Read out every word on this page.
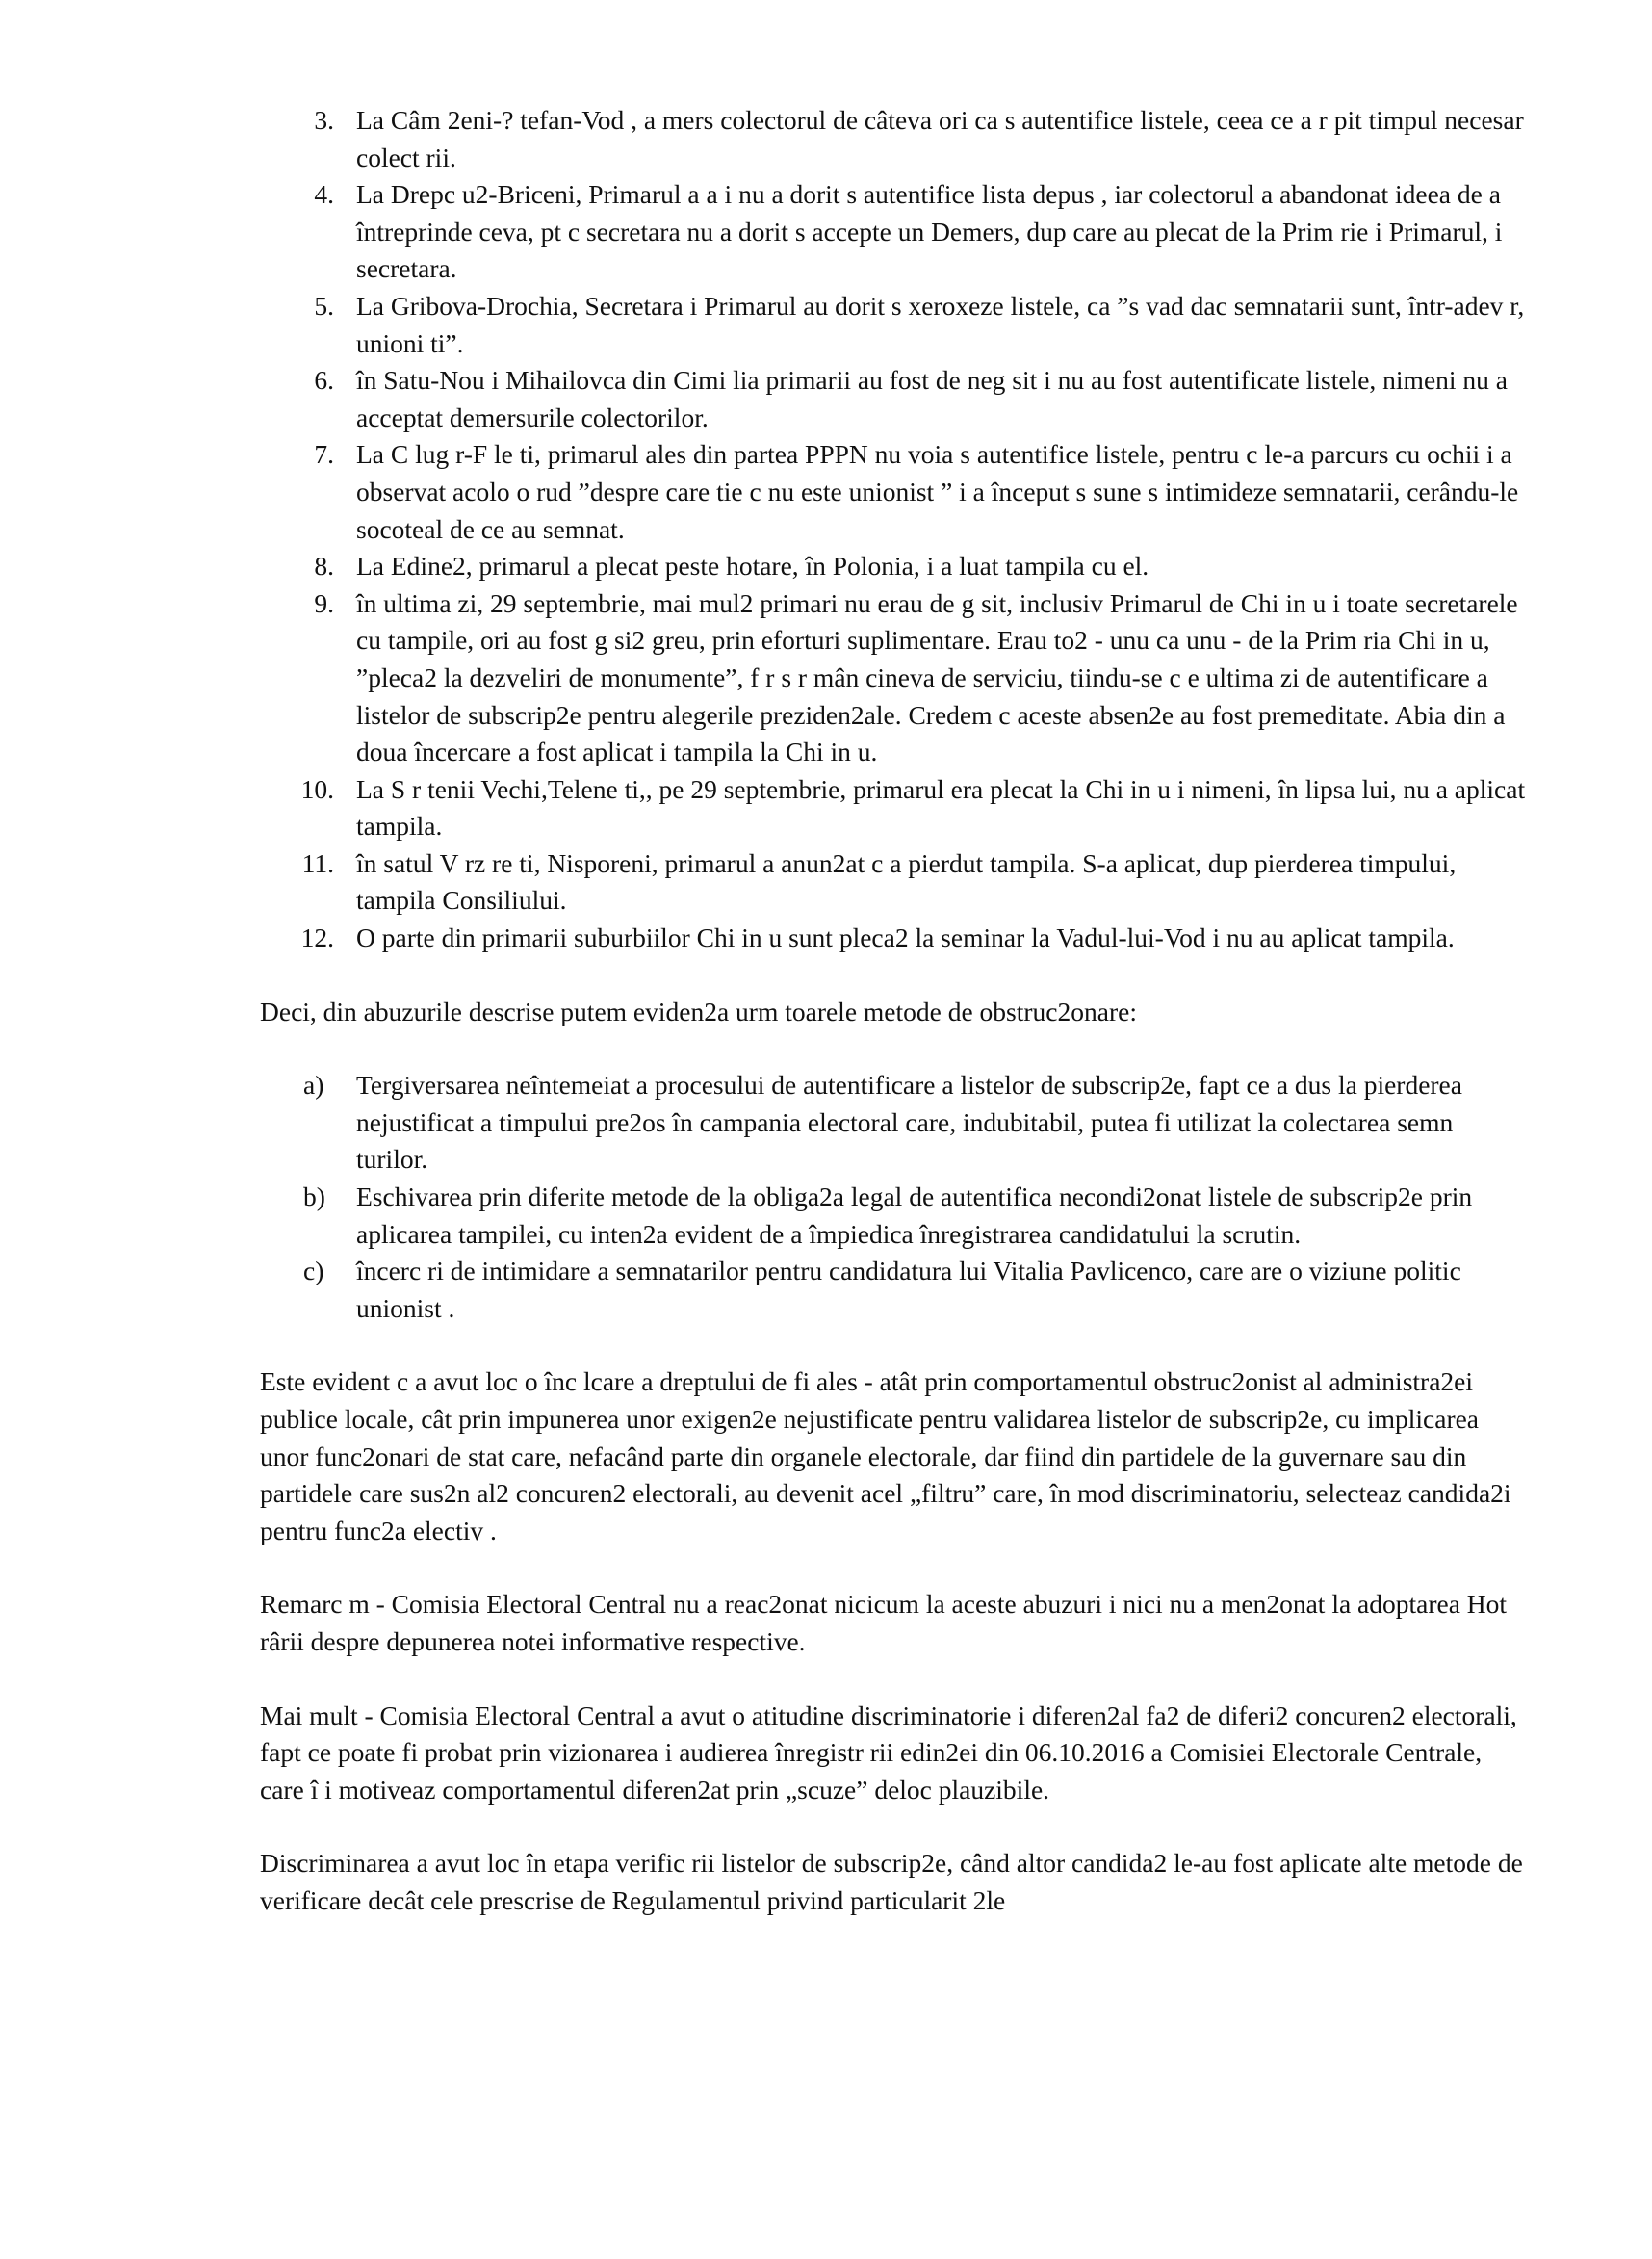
3. La Câm 2eni-? tefan-Vod , a mers colectorul de câteva ori ca s autentifice listele, ceea ce a r pit timpul necesar colect rii.
4. La Drepc u2-Briceni, Primarul a a i nu a dorit s autentifice lista depus , iar colectorul a abandonat ideea de a întreprinde ceva, pt c secretara nu a dorit s accepte un Demers, dup care au plecat de la Prim rie i Primarul, i secretara.
5. La Gribova-Drochia, Secretara i Primarul au dorit s xeroxeze listele, ca ”s vad dac semnatarii sunt, într-adev r, unioni ti”.
6. în Satu-Nou i Mihailovca din Cimi lia primarii au fost de neg sit i nu au fost autentificate listele, nimeni nu a acceptat demersurile colectorilor.
7. La C lug r-F le ti, primarul ales din partea PPPN nu voia s autentifice listele, pentru c le-a parcurs cu ochii i a observat acolo o rud ”despre care tie c nu este unionist ” i a început s sune s intimideze semnatarii, cerându-le socoteal de ce au semnat.
8. La Edine2, primarul a plecat peste hotare, în Polonia, i a luat tampila cu el.
9. în ultima zi, 29 septembrie, mai mul2 primari nu erau de g sit, inclusiv Primarul de Chi in u i toate secretarele cu tampile, ori au fost g si2 greu, prin eforturi suplimentare. Erau to2 - unu ca unu - de la Prim ria Chi in u, ”pleca2 la dezveliri de monumente”, f r s r mân cineva de serviciu, tiindu-se c e ultima zi de autentificare a listelor de subscrip2e pentru alegerile preziden2ale. Credem c aceste absen2e au fost premeditate. Abia din a doua încercare a fost aplicat i tampila la Chi in u.
10. La S r tenii Vechi,Telene ti,, pe 29 septembrie, primarul era plecat la Chi in u i nimeni, în lipsa lui, nu a aplicat tampila.
11. în satul V rz re ti, Nisporeni, primarul a anun2at c a pierdut tampila. S-a aplicat, dup pierderea timpului, tampila Consiliului.
12. O parte din primarii suburbiilor Chi in u sunt pleca2 la seminar la Vadul-lui-Vod i nu au aplicat tampila.

Deci, din abuzurile descrise putem eviden2a urm toarele metode de obstruc2onare:

a) Tergiversarea neîntemeiat a procesului de autentificare a listelor de subscrip2e, fapt ce a dus la pierderea nejustificat a timpului pre2os în campania electoral care, indubitabil, putea fi utilizat la colectarea semn turilor.
b) Eschivarea prin diferite metode de la obliga2a legal de autentifica necondi2onat listele de subscrip2e prin aplicarea tampilei, cu inten2a evident de a împiedica înregistrarea candidatului la scrutin.
c) încerc ri de intimidare a semnatarilor pentru candidatura lui Vitalia Pavlicenco, care are o viziune politic unionist .

Este evident c a avut loc o înc lcare a dreptului de fi ales - atât prin comportamentul obstruc2onist al administra2ei publice locale, cât prin impunerea unor exigen2e nejustificate pentru validarea listelor de subscrip2e, cu implicarea unor func2onari de stat care, nefacând parte din organele electorale, dar fiind din partidele de la guvernare sau din partidele care sus2n al2 concuren2 electorali, au devenit acel „filtru” care, în mod discriminatoriu, selecteaz candida2i pentru func2a electiv .

Remarc m - Comisia Electoral Central nu a reac2onat nicicum la aceste abuzuri i nici nu a men2onat la adoptarea Hot rârii despre depunerea notei informative respective.

Mai mult - Comisia Electoral Central a avut o atitudine discriminatorie i diferen2al fa2 de diferi2 concuren2 electorali, fapt ce poate fi probat prin vizionarea i audierea înregistr rii edin2ei din 06.10.2016 a Comisiei Electorale Centrale, care î i motiveaz comportamentul diferen2at prin „scuze” deloc plauzibile.

Discriminarea a avut loc în etapa verific rii listelor de subscrip2e, când altor candida2 le-au fost aplicate alte metode de verificare decât cele prescrise de Regulamentul privind particularit 2le
